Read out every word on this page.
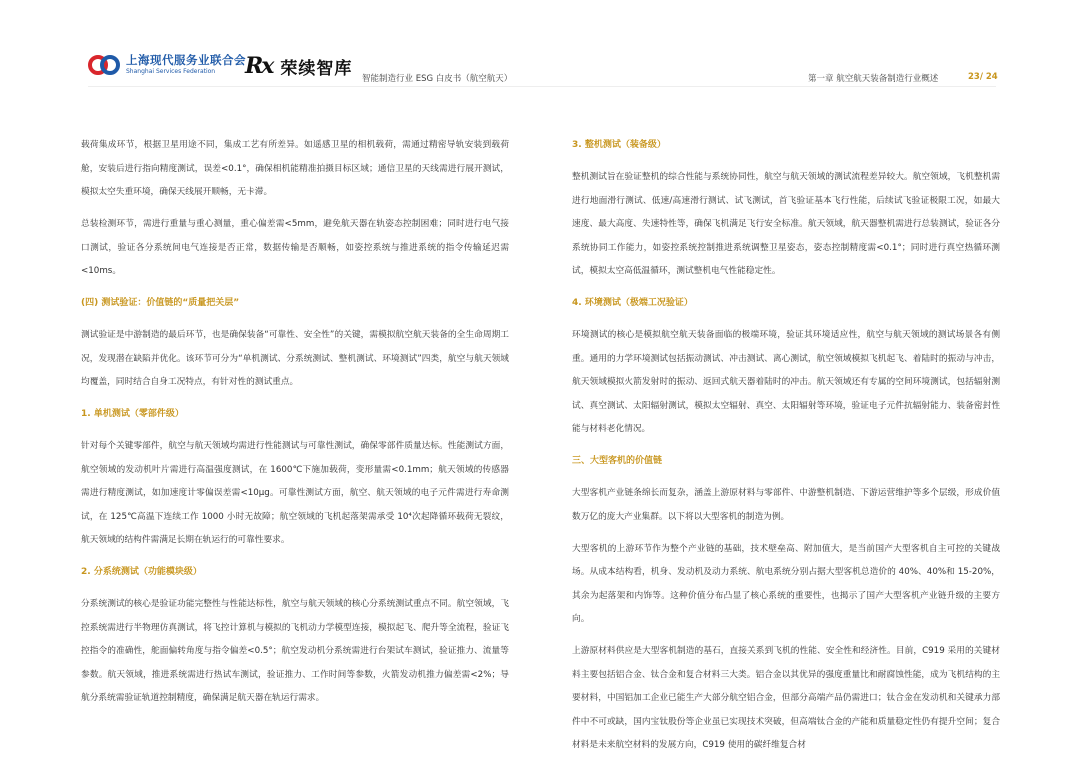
上海现代服务业联合会
Shanghai Services Federation	Rx 荣续智库
智能制造行业 ESG 白皮书（航空航天）	第一章 航空航天装备制造行业概述	23/ 24

载荷集成环节，根据卫星用途不同，集成工艺有所差异。如遥感卫星的相机载荷，需通过精密导轨安装到载荷舱，安装后进行指向精度测试，误差<0.1°，确保相机能精准拍摄目标区域；通信卫星的天线需进行展开测试，模拟太空失重环境，确保天线展开顺畅，无卡滞。

总装检测环节，需进行重量与重心测量，重心偏差需<5mm，避免航天器在轨姿态控制困难；同时进行电气接口测试，验证各分系统间电气连接是否正常，数据传输是否顺畅，如姿控系统与推进系统的指令传输延迟需<10ms。

(四) 测试验证：价值链的“质量把关层”

测试验证是中游制造的最后环节，也是确保装备“可靠性、安全性”的关键，需模拟航空航天装备的全生命周期工况，发现潜在缺陷并优化。该环节可分为“单机测试、分系统测试、整机测试、环境测试”四类，航空与航天领域均覆盖，同时结合自身工况特点，有针对性的测试重点。

1. 单机测试（零部件级）

针对每个关键零部件，航空与航天领域均需进行性能测试与可靠性测试，确保零部件质量达标。性能测试方面，航空领域的发动机叶片需进行高温强度测试，在 1600℃下施加载荷，变形量需<0.1mm；航天领域的传感器需进行精度测试，如加速度计零偏误差需<10μg。可靠性测试方面，航空、航天领域的电子元件需进行寿命测试，在 125℃高温下连续工作 1000 小时无故障；航空领域的飞机起落架需承受 10⁴次起降循环载荷无裂纹，航天领域的结构件需满足长期在轨运行的可靠性要求。

2. 分系统测试（功能模块级）

分系统测试的核心是验证功能完整性与性能达标性，航空与航天领域的核心分系统测试重点不同。航空领域，飞控系统需进行半物理仿真测试，将飞控计算机与模拟的飞机动力学模型连接，模拟起飞、爬升等全流程，验证飞控指令的准确性，舵面偏转角度与指令偏差<0.5°；航空发动机分系统需进行台架试车测试，验证推力、流量等参数。航天领域，推进系统需进行热试车测试，验证推力、工作时间等参数，火箭发动机推力偏差需<2%；导航分系统需验证轨道控制精度，确保满足航天器在轨运行需求。

3. 整机测试（装备级）

整机测试旨在验证整机的综合性能与系统协同性，航空与航天领域的测试流程差异较大。航空领域，飞机整机需进行地面滑行测试、低速/高速滑行测试、试飞测试，首飞验证基本飞行性能，后续试飞验证极限工况，如最大速度、最大高度、失速特性等，确保飞机满足飞行安全标准。航天领域，航天器整机需进行总装测试，验证各分系统协同工作能力，如姿控系统控制推进系统调整卫星姿态，姿态控制精度需<0.1°；同时进行真空热循环测试，模拟太空高低温循环，测试整机电气性能稳定性。

4. 环境测试（极端工况验证）

环境测试的核心是模拟航空航天装备面临的极端环境，验证其环境适应性，航空与航天领域的测试场景各有侧重。通用的力学环境测试包括振动测试、冲击测试、离心测试，航空领域模拟飞机起飞、着陆时的振动与冲击，航天领域模拟火箭发射时的振动、返回式航天器着陆时的冲击。航天领域还有专属的空间环境测试，包括辐射测试、真空测试、太阳辐射测试，模拟太空辐射、真空、太阳辐射等环境，验证电子元件抗辐射能力、装备密封性能与材料老化情况。

三、大型客机的价值链

大型客机产业链条绵长而复杂，涵盖上游原材料与零部件、中游整机制造、下游运营维护等多个层级，形成价值数万亿的庞大产业集群。以下将以大型客机的制造为例。

大型客机的上游环节作为整个产业链的基础，技术壁垒高、附加值大，是当前国产大型客机自主可控的关键战场。从成本结构看，机身、发动机及动力系统、航电系统分别占据大型客机总造价的 40%、40%和 15-20%，其余为起落架和内饰等。这种价值分布凸显了核心系统的重要性，也揭示了国产大型客机产业链升级的主要方向。

上游原材料供应是大型客机制造的基石，直接关系到飞机的性能、安全性和经济性。目前，C919 采用的关键材料主要包括铝合金、钛合金和复合材料三大类。铝合金以其优异的强度重量比和耐腐蚀性能，成为飞机结构的主要材料，中国铝加工企业已能生产大部分航空铝合金，但部分高端产品仍需进口；钛合金在发动机和关键承力部件中不可或缺，国内宝钛股份等企业虽已实现技术突破，但高端钛合金的产能和质量稳定性仍有提升空间；复合材料是未来航空材料的发展方向，C919 使用的碳纤维复合材
